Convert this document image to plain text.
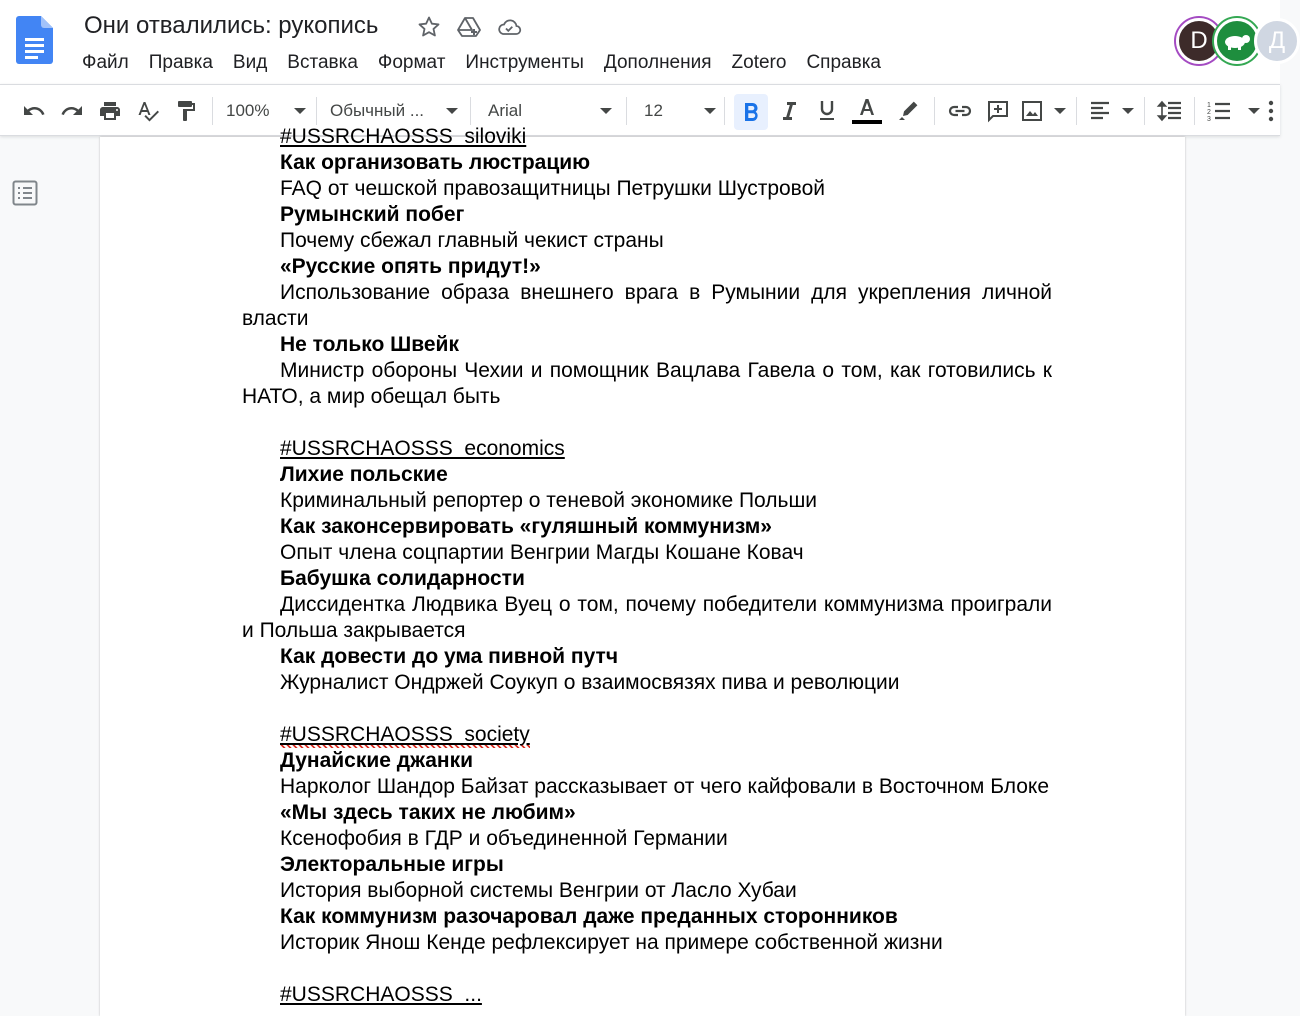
Они отвалились: рукопись
Файл	Правка	Вид	Вставка	Формат	Инструменты	Дополнения	Zotero	Справка
D	Д
100%	Обычный ...	Arial	12	1
2
3
#USSRCHAOSSS_siloviki
Как организовать люстрацию
FAQ от чешской правозащитницы Петрушки Шустровой
Румынский побег
Почему сбежал главный чекист страны
«Русские опять придут!»
Использование образа внешнего врага в Румынии для укрепления личной власти
Не только Швейк
Министр обороны Чехии и помощник Вацлава Гавела о том, как готовились к НАТО, а мир обещал быть
#USSRCHAOSSS_economics
Лихие польские
Криминальный репортер о теневой экономике Польши
Как законсервировать «гуляшный коммунизм»
Опыт члена соцпартии Венгрии Магды Кошане Ковач
Бабушка солидарности
Диссидентка Людвика Вуец о том, почему победители коммунизма проиграли и Польша закрывается
Как довести до ума пивной путч
Журналист Ондржей Соукуп о взаимосвязях пива и революции
#USSRCHAOSSS_society
Дунайские джанки
Нарколог Шандор Байзат рассказывает от чего кайфовали в Восточном Блоке
«Мы здесь таких не любим»
Ксенофобия в ГДР и объединенной Германии
Электоральные игры
История выборной системы Венгрии от Ласло Хубаи
Как коммунизм разочаровал даже преданных сторонников
Историк Янош Кенде рефлексирует на примере собственной жизни
#USSRCHAOSSS_...
